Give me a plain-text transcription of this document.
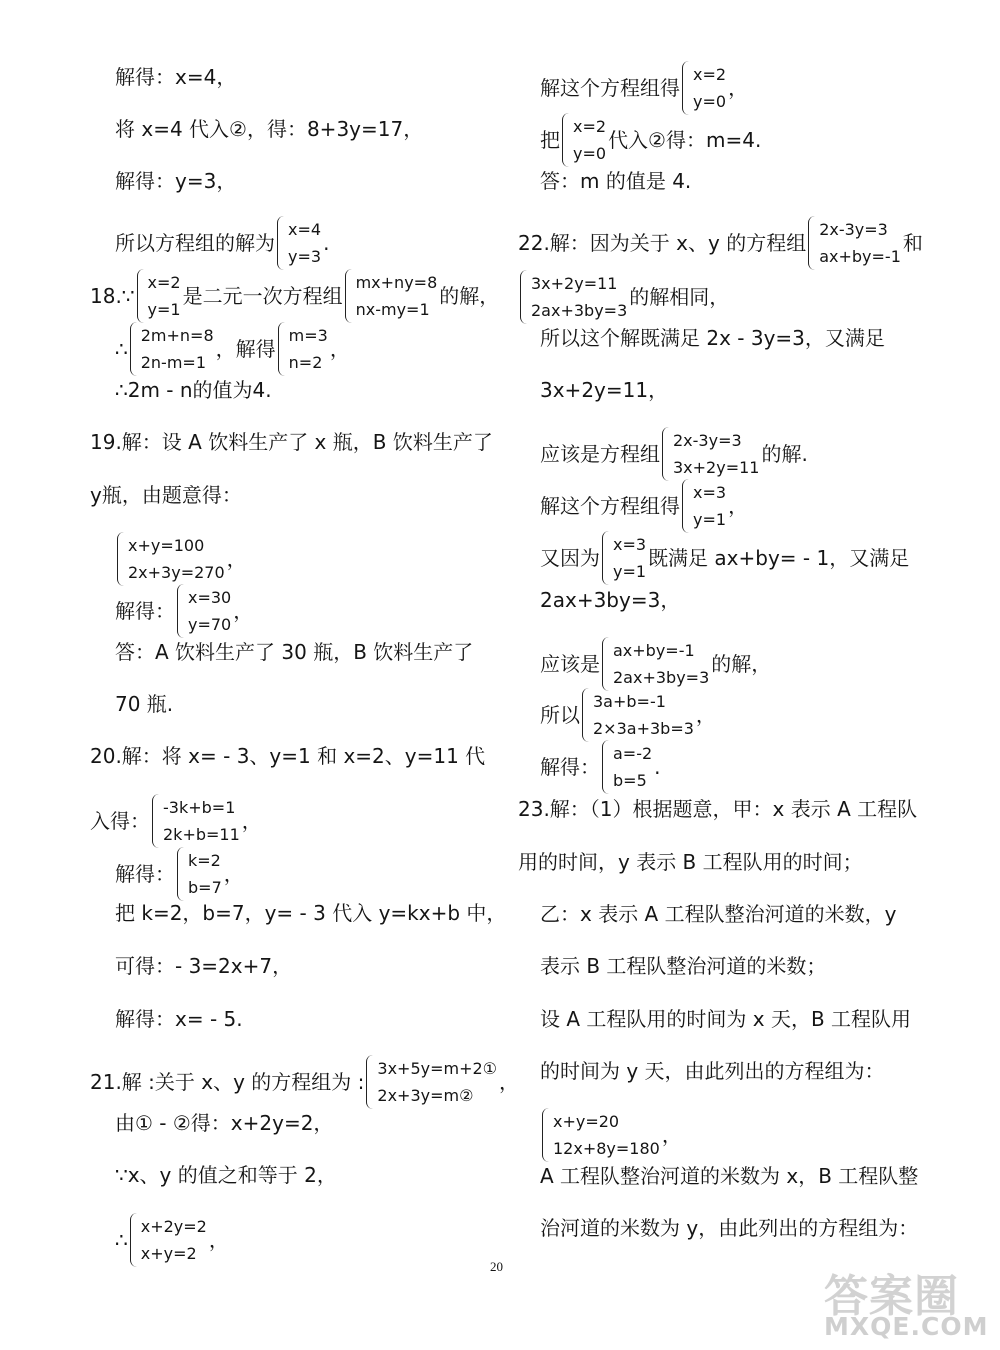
解得：x=4，
将 x=4 代入②，得：8+3y=17，
解得：y=3，
所以方程组的解为
x=4
y=3
.
18.∵
x=2
y=1
是二元一次方程组
mx+ny=8
nx-my=1
的解，
∴
2m+n=8
2n-m=1
，解得
m=3
n=2
，
∴2m - n的值为4.
19.解：设 A 饮料生产了 x 瓶，B 饮料生产了
y瓶，由题意得：
x+y=100
2x+3y=270
，
解得：
x=30
y=70
，
答：A 饮料生产了 30 瓶，B 饮料生产了
70 瓶.
20.解：将 x= - 3、y=1 和 x=2、y=11 代
入得：
-3k+b=1
2k+b=11
，
解得：
k=2
b=7
，
把 k=2，b=7，y= - 3 代入 y=kx+b 中，
可得：- 3=2x+7，
解得：x= - 5.
21.解 :关于 x、y 的方程组为 :
3x+5y=m+2①
2x+3y=m②
，
由① - ②得：x+2y=2，
∵x、y 的值之和等于 2，
∴
x+2y=2
x+y=2
，
解这个方程组得
x=2
y=0
，
把
x=2
y=0
代入②得：m=4.
答：m 的值是 4.
22.解：因为关于 x、y 的方程组
2x-3y=3
ax+by=-1
和
3x+2y=11
2ax+3by=3
的解相同，
所以这个解既满足 2x - 3y=3，又满足
3x+2y=11，
应该是方程组
2x-3y=3
3x+2y=11
的解.
解这个方程组得
x=3
y=1
，
又因为
x=3
y=1
既满足 ax+by= - 1，又满足
2ax+3by=3，
应该是
ax+by=-1
2ax+3by=3
的解，
所以
3a+b=-1
2×3a+3b=3
，
解得：
a=-2
b=5
.
23.解：（1）根据题意，甲：x 表示 A 工程队
用的时间，y 表示 B 工程队用的时间；
乙：x 表示 A 工程队整治河道的米数，y
表示 B 工程队整治河道的米数；
设 A 工程队用的时间为 x 天，B 工程队用
的时间为 y 天，由此列出的方程组为：
x+y=20
12x+8y=180
，
A 工程队整治河道的米数为 x，B 工程队整
治河道的米数为 y，由此列出的方程组为：
20
答案圈
MXQE.COM
